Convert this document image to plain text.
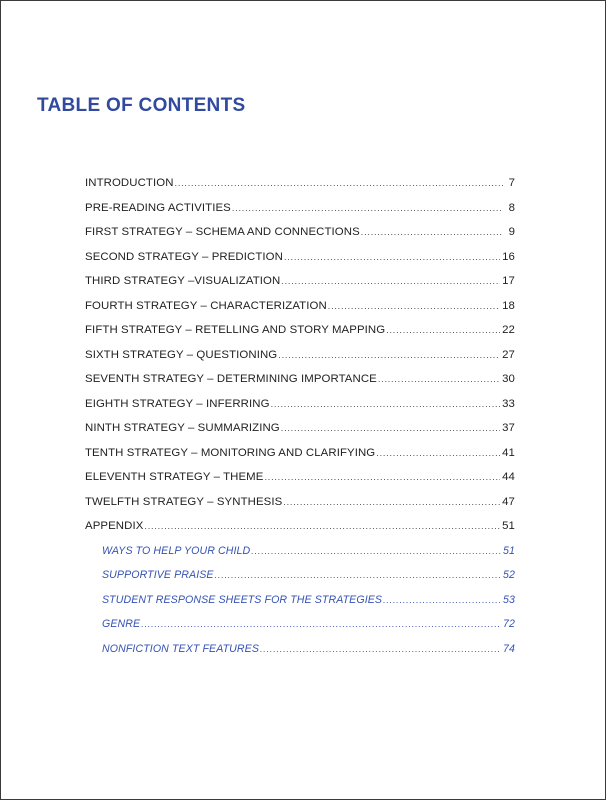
TABLE OF CONTENTS
INTRODUCTION .....	7
PRE-READING ACTIVITIES .....	8
FIRST STRATEGY – SCHEMA AND CONNECTIONS .....	9
SECOND STRATEGY – PREDICTION .....	16
THIRD STRATEGY –VISUALIZATION .....	17
FOURTH STRATEGY – CHARACTERIZATION .....	18
FIFTH STRATEGY – RETELLING AND STORY MAPPING .....	22
SIXTH STRATEGY – QUESTIONING .....	27
SEVENTH STRATEGY – DETERMINING IMPORTANCE .....	30
EIGHTH STRATEGY – INFERRING .....	33
NINTH STRATEGY – SUMMARIZING .....	37
TENTH STRATEGY – MONITORING AND CLARIFYING .....	41
ELEVENTH STRATEGY – THEME .....	44
TWELFTH STRATEGY – SYNTHESIS .....	47
APPENDIX .....	51
WAYS TO HELP YOUR CHILD .....	51
SUPPORTIVE PRAISE .....	52
STUDENT RESPONSE SHEETS FOR THE STRATEGIES .....	53
GENRE .....	72
NONFICTION TEXT FEATURES .....	74
